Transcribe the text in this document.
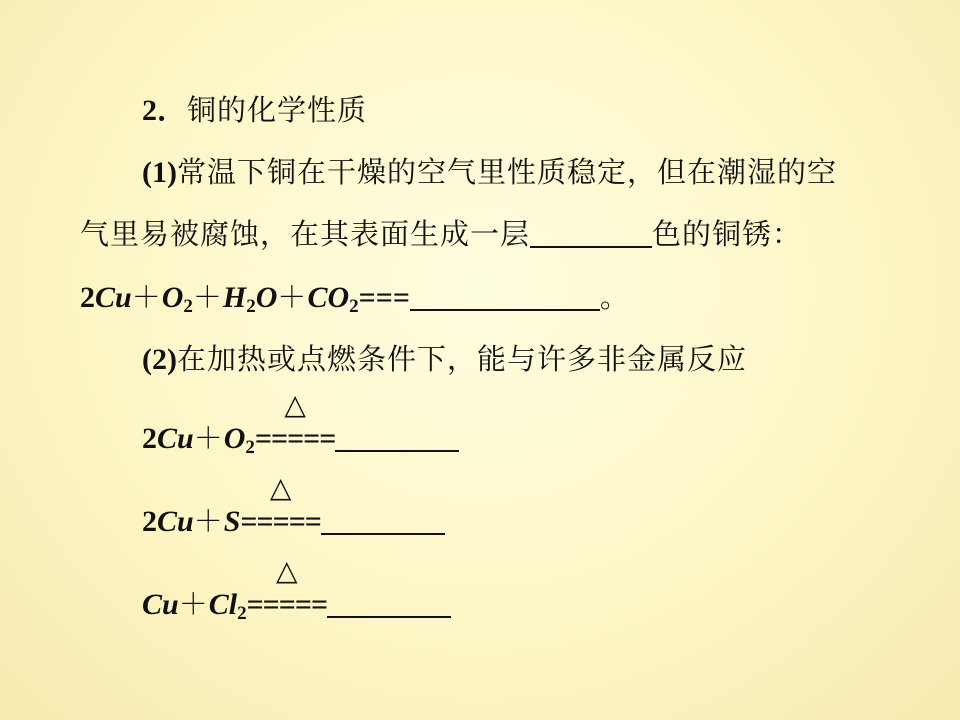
2．铜的化学性质
(1)常温下铜在干燥的空气里性质稳定，但在潮湿的空
气里易被腐蚀，在其表面生成一层	色的铜锈：
$2Cu+O_2+H_2O+CO_2===$	。
(2)在加热或点燃条件下，能与许多非金属反应
$2Cu+O_2$
△
=====
2Cu＋S
△
=====
$Cu+Cl_2$
△
=====
